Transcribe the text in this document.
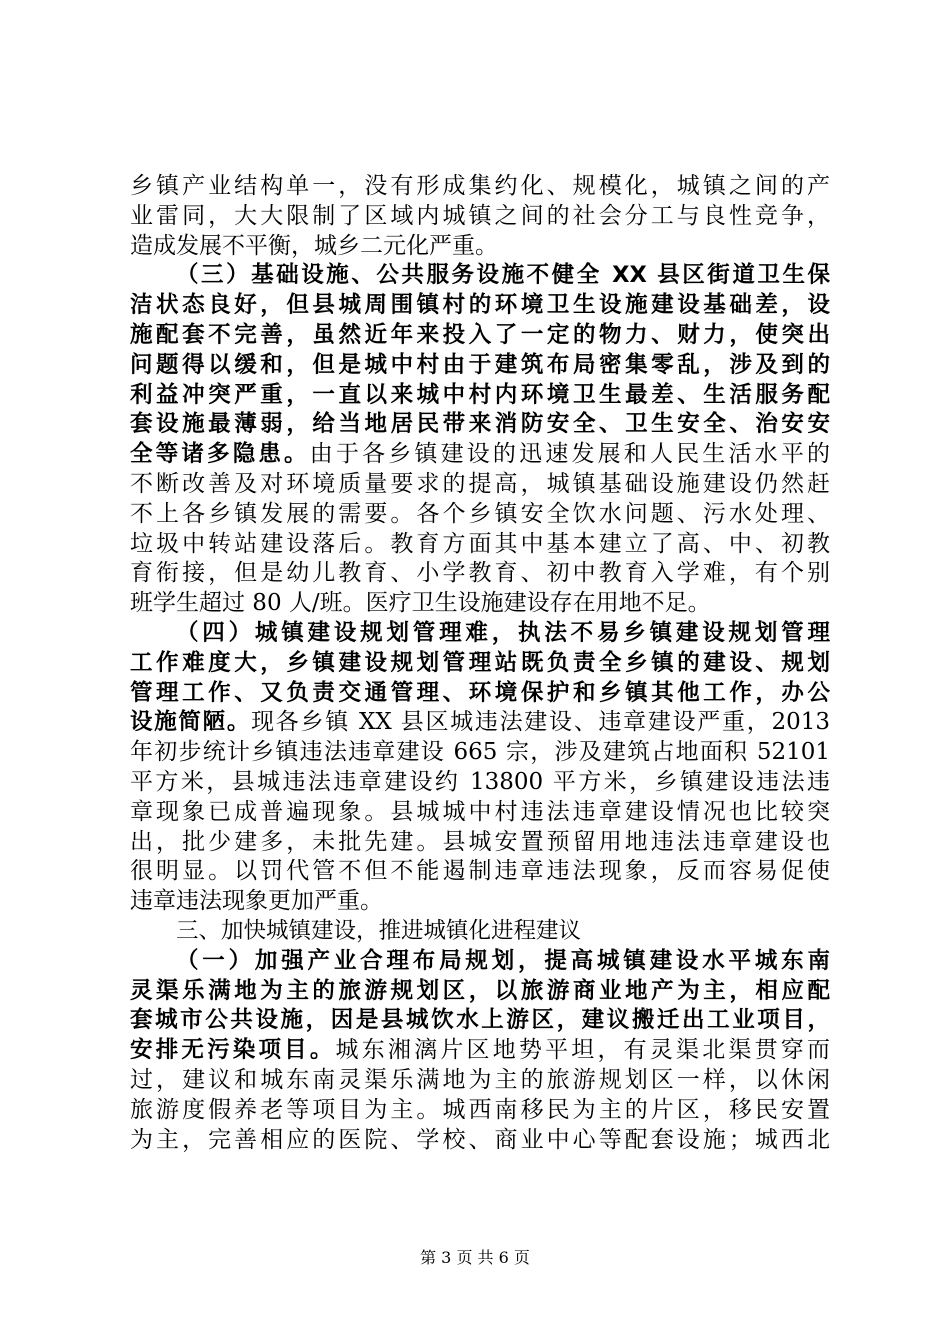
乡镇产业结构单一，没有形成集约化、规模化，城镇之间的产
业雷同，大大限制了区域内城镇之间的社会分工与良性竞争，
造成发展不平衡，城乡二元化严重。
（三）基础设施、公共服务设施不健全 XX 县区街道卫生保
洁状态良好，但县城周围镇村的环境卫生设施建设基础差，设
施配套不完善，虽然近年来投入了一定的物力、财力，使突出
问题得以缓和，但是城中村由于建筑布局密集零乱，涉及到的
利益冲突严重，一直以来城中村内环境卫生最差、生活服务配
套设施最薄弱，给当地居民带来消防安全、卫生安全、治安安
全等诸多隐患。由于各乡镇建设的迅速发展和人民生活水平的
不断改善及对环境质量要求的提高，城镇基础设施建设仍然赶
不上各乡镇发展的需要。各个乡镇安全饮水问题、污水处理、
垃圾中转站建设落后。教育方面其中基本建立了高、中、初教
育衔接，但是幼儿教育、小学教育、初中教育入学难，有个别
班学生超过 80 人/班。医疗卫生设施建设存在用地不足。
（四）城镇建设规划管理难，执法不易乡镇建设规划管理
工作难度大，乡镇建设规划管理站既负责全乡镇的建设、规划
管理工作、又负责交通管理、环境保护和乡镇其他工作，办公
设施简陋。现各乡镇 XX 县区城违法建设、违章建设严重，2013
年初步统计乡镇违法违章建设 665 宗，涉及建筑占地面积 52101
平方米，县城违法违章建设约 13800 平方米，乡镇建设违法违
章现象已成普遍现象。县城城中村违法违章建设情况也比较突
出，批少建多，未批先建。县城安置预留用地违法违章建设也
很明显。以罚代管不但不能遏制违章违法现象，反而容易促使
违章违法现象更加严重。
三、加快城镇建设，推进城镇化进程建议
（一）加强产业合理布局规划，提高城镇建设水平城东南
灵渠乐满地为主的旅游规划区，以旅游商业地产为主，相应配
套城市公共设施，因是县城饮水上游区，建议搬迁出工业项目，
安排无污染项目。城东湘漓片区地势平坦，有灵渠北渠贯穿而
过，建议和城东南灵渠乐满地为主的旅游规划区一样，以休闲
旅游度假养老等项目为主。城西南移民为主的片区，移民安置
为主，完善相应的医院、学校、商业中心等配套设施；城西北
第 3 页 共 6 页
